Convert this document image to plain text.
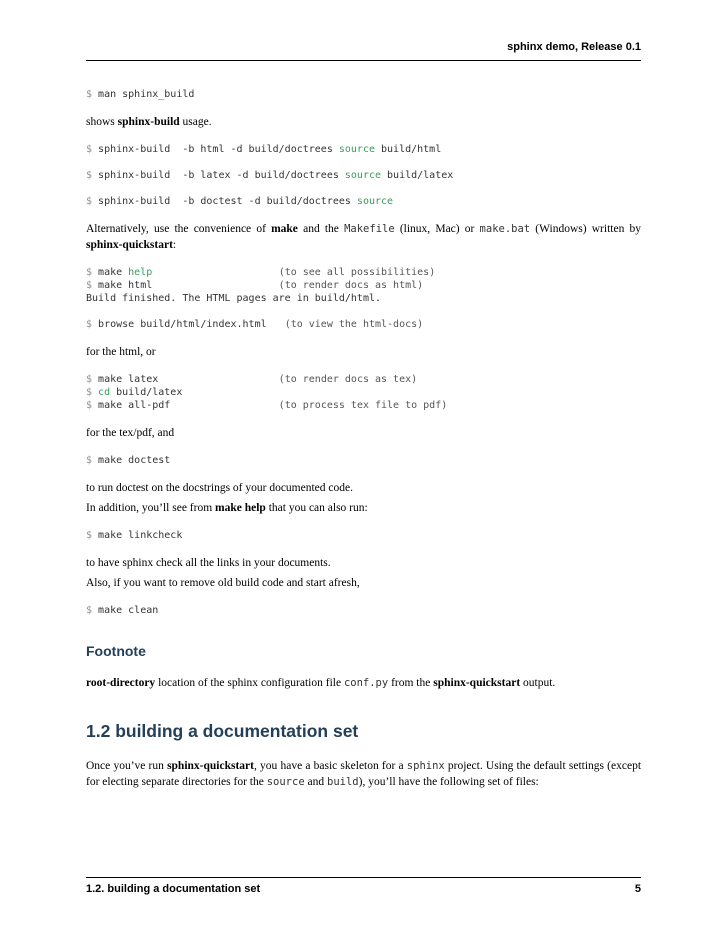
sphinx demo, Release 0.1
$ man sphinx_build

shows sphinx-build usage.

$ sphinx-build  -b html -d build/doctrees source build/html
$ sphinx-build  -b latex -d build/doctrees source build/latex
$ sphinx-build  -b doctest -d build/doctrees source

Alternatively, use the convenience of make and the Makefile (linux, Mac) or make.bat (Windows) written by sphinx-quickstart:

$ make help	(to see all possibilities)
$ make html                     (to render docs as html)
Build finished. The HTML pages are in build/html.
$ browse build/html/index.html   (to view the html-docs)

for the html, or

$ make latex                    (to render docs as tex)
$ cd build/latex
$ make all-pdf                  (to process tex file to pdf)

for the tex/pdf, and

$ make doctest

to run doctest on the docstrings of your documented code.

In addition, you’ll see from make help that you can also run:

$ make linkcheck

to have sphinx check all the links in your documents.

Also, if you want to remove old build code and start afresh,

$ make clean
Footnote

root-directory location of the sphinx configuration file conf.py from the sphinx-quickstart output.

1.2 building a documentation set

Once you’ve run sphinx-quickstart, you have a basic skeleton for a sphinx project. Using the default settings (except for electing separate directories for the source and build), you’ll have the following set of files:

1.2. building a documentation set	5
